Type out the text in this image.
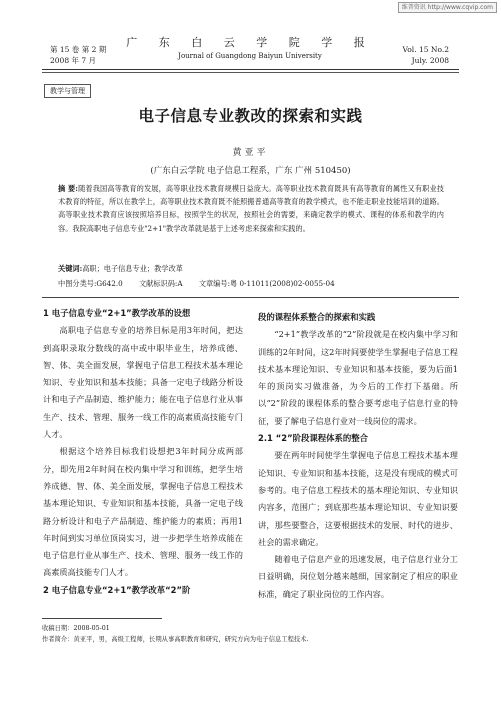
维普资讯 http://www.cqvip.com
第 15 卷 第 2 期
2008 年 7 月
广 东 白 云 学 院 学 报
Journal of Guangdong Baiyun University
Vol. 15 No.2
July. 2008
教学与管理
电子信息专业教改的探索和实践
黄亚平
(广东白云学院 电子信息工程系，广东 广州 510450)
摘 要:随着我国高等教育的发展，高等职业技术教育规模日益庞大。高等职业技术教育既具有高等教育的属性又有职业技术教育的特征，所以在教学上，高等职业技术教育既不能照搬普通高等教育的教学模式，也不能走职业技能培训的道路。高等职业技术教育应该按照培养目标，按照学生的状况，按照社会的需要，来确定教学的模式、课程的体系和教学的内容。我院高职电子信息专业"2+1"教学改革就是基于上述考虑来探索和实践的。
关键词:高职；电子信息专业；教学改革
中图分类号:G642.0 文献标识码:A 文章编号:粤 0-11011(2008)02-0055-04
1 电子信息专业“2+1”教学改革的设想

高职电子信息专业的培养目标是用3年时间，把达到高职录取分数线的高中或中职毕业生，培养成德、智、体、美全面发展，掌握电子信息工程技术基本理论知识、专业知识和基本技能；具备一定电子线路分析设计和电子产品制造、维护能力；能在电子信息行业从事生产、技术、管理、服务一线工作的高素质高技能专门人才。

根据这个培养目标我们设想把3年时间分成两部分，即先用2年时间在校内集中学习和训练，把学生培养成德、智、体、美全面发展，掌握电子信息工程技术基本理论知识、专业知识和基本技能，具备一定电子线路分析设计和电子产品制造、维护能力的素质；再用1年时间到实习单位顶岗实习，进一步把学生培养成能在电子信息行业从事生产、技术、管理、服务一线工作的高素质高技能专门人才。

2 电子信息专业“2+1”教学改革“2”阶
段的课程体系整合的探索和实践

“2+1”教学改革的“2”阶段就是在校内集中学习和训练的2年时间，这2年时间要使学生掌握电子信息工程技术基本理论知识、专业知识和基本技能，要为后面1年的顶岗实习做准备，为今后的工作打下基础。所以“2”阶段的课程体系的整合要考虑电子信息行业的特征，要了解电子信息行业对一线岗位的需求。

2.1 “2”阶段课程体系的整合

要在两年时间使学生掌握电子信息工程技术基本理论知识、专业知识和基本技能，这是没有现成的模式可参考的。电子信息工程技术的基本理论知识、专业知识内容多，范围广；到底那些基本理论知识、专业知识要讲，那些要整合，这要根据技术的发展、时代的进步、社会的需求确定。

随着电子信息产业的迅速发展，电子信息行业分工日益明确，岗位划分越来越细，国家制定了相应的职业标准，确定了职业岗位的工作内容。

收稿日期：2008-05-01
作者简介：黄亚平，男，高级工程师，长期从事高职教育和研究，研究方向为电子信息工程技术.
